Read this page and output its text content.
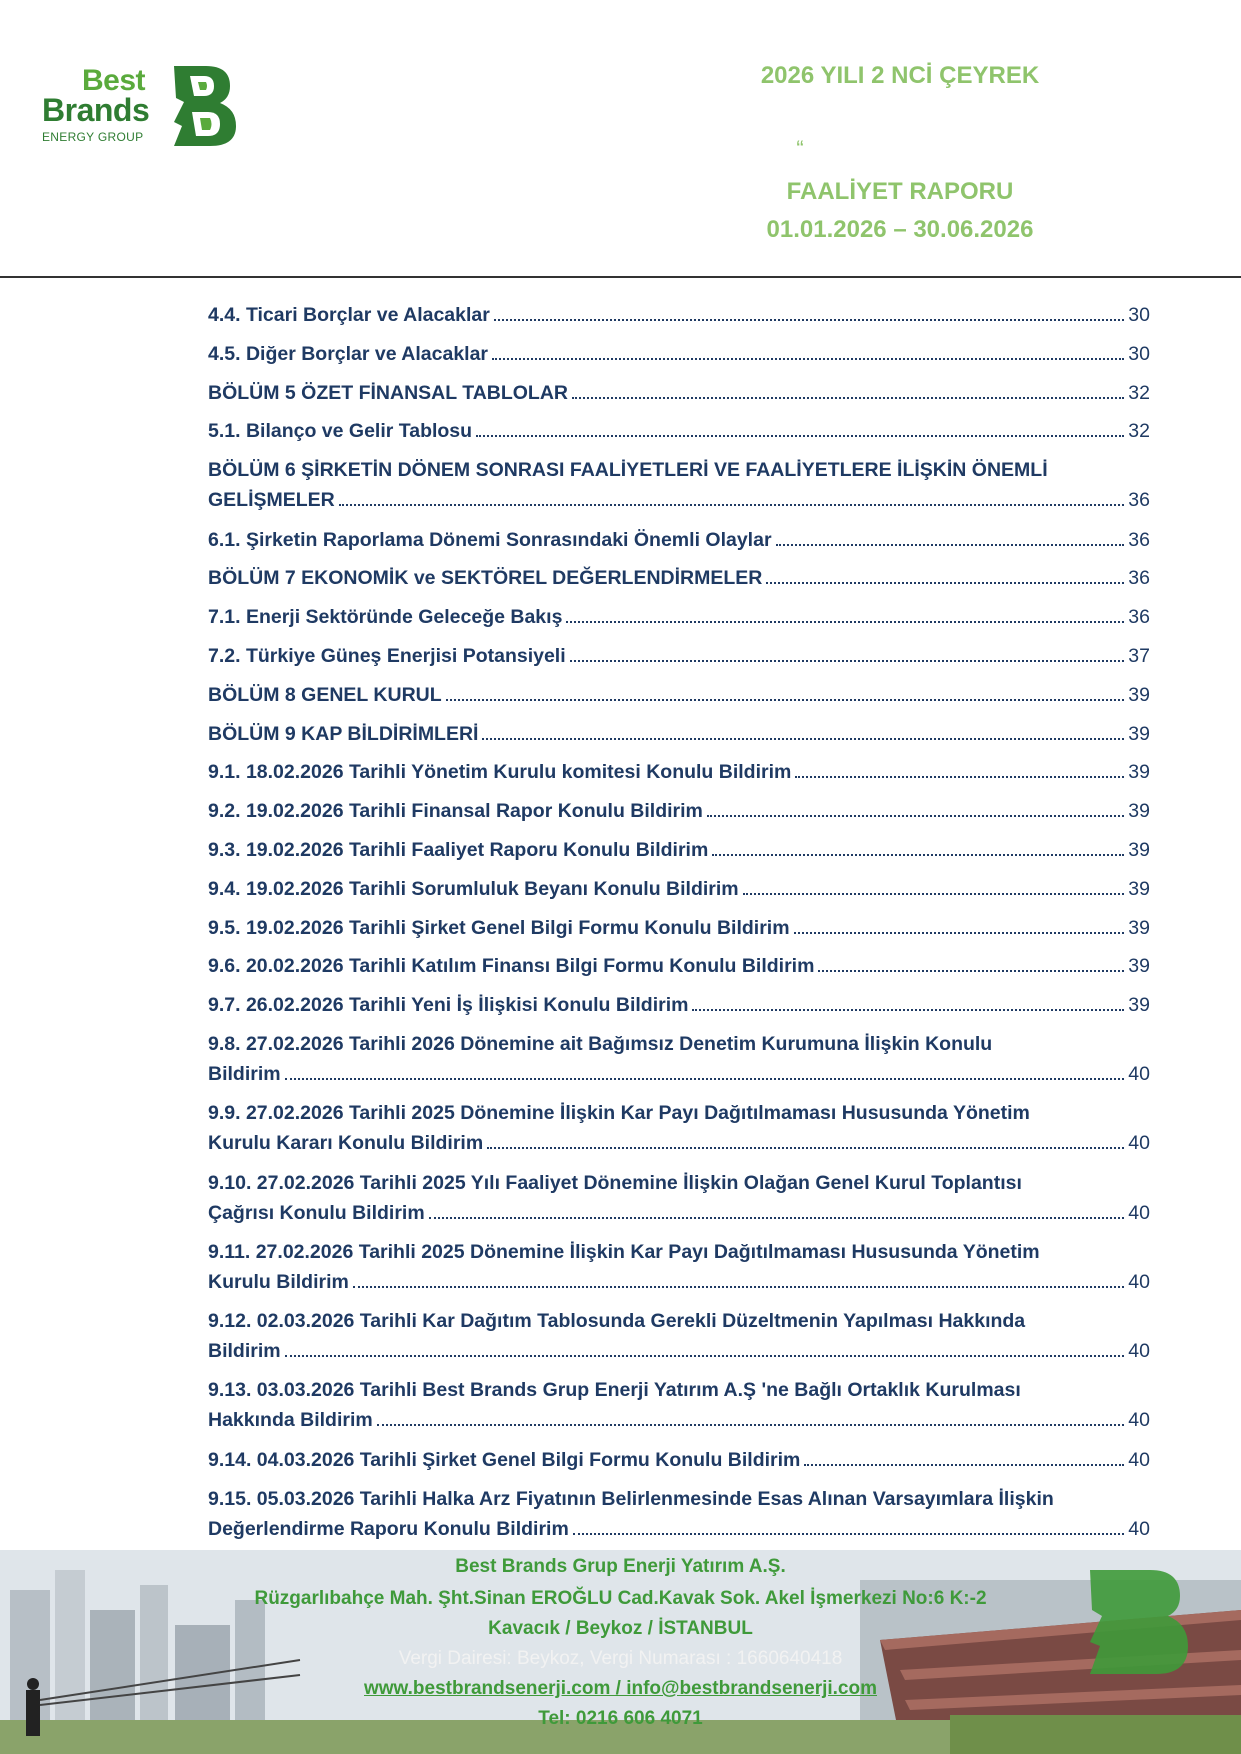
Best
Brands
ENERGY GROUP
2026 YILI 2 NCİ ÇEYREK
“
FAALİYET RAPORU
01.01.2026 – 30.06.2026
4.4. Ticari Borçlar ve Alacaklar	30
4.5. Diğer Borçlar ve Alacaklar	30
BÖLÜM 5 ÖZET FİNANSAL TABLOLAR	32
5.1. Bilanço ve Gelir Tablosu	32
BÖLÜM 6 ŞİRKETİN DÖNEM SONRASI FAALİYETLERİ VE FAALİYETLERE İLİŞKİN ÖNEMLİ
GELİŞMELER	36
6.1. Şirketin Raporlama Dönemi Sonrasındaki Önemli Olaylar	36
BÖLÜM 7 EKONOMİK ve SEKTÖREL DEĞERLENDİRMELER	36
7.1. Enerji Sektöründe Geleceğe Bakış	36
7.2. Türkiye Güneş Enerjisi Potansiyeli	37
BÖLÜM 8 GENEL KURUL	39
BÖLÜM 9 KAP BİLDİRİMLERİ	39
9.1. 18.02.2026 Tarihli Yönetim Kurulu komitesi Konulu Bildirim	39
9.2. 19.02.2026 Tarihli Finansal Rapor Konulu Bildirim	39
9.3. 19.02.2026 Tarihli Faaliyet Raporu Konulu Bildirim	39
9.4. 19.02.2026 Tarihli Sorumluluk Beyanı Konulu Bildirim	39
9.5. 19.02.2026 Tarihli Şirket Genel Bilgi Formu Konulu Bildirim	39
9.6. 20.02.2026 Tarihli Katılım Finansı Bilgi Formu Konulu Bildirim	39
9.7. 26.02.2026 Tarihli Yeni İş İlişkisi Konulu Bildirim	39
9.8. 27.02.2026 Tarihli 2026 Dönemine ait Bağımsız Denetim Kurumuna İlişkin Konulu
Bildirim	40
9.9. 27.02.2026 Tarihli 2025 Dönemine İlişkin Kar Payı Dağıtılmaması Hususunda Yönetim
Kurulu Kararı Konulu Bildirim	40
9.10. 27.02.2026 Tarihli 2025 Yılı Faaliyet Dönemine İlişkin Olağan Genel Kurul Toplantısı
Çağrısı Konulu Bildirim	40
9.11. 27.02.2026 Tarihli 2025 Dönemine İlişkin Kar Payı Dağıtılmaması Hususunda Yönetim
Kurulu Bildirim	40
9.12. 02.03.2026 Tarihli Kar Dağıtım Tablosunda Gerekli Düzeltmenin Yapılması Hakkında
Bildirim	40
9.13. 03.03.2026 Tarihli Best Brands Grup Enerji Yatırım A.Ş 'ne Bağlı Ortaklık Kurulması
Hakkında Bildirim	40
9.14. 04.03.2026 Tarihli Şirket Genel Bilgi Formu Konulu Bildirim	40
9.15. 05.03.2026 Tarihli Halka Arz Fiyatının Belirlenmesinde Esas Alınan Varsayımlara İlişkin
Değerlendirme Raporu Konulu Bildirim	40
Best Brands Grup Enerji Yatırım A.Ş.
Rüzgarlıbahçe Mah. Şht.Sinan EROĞLU Cad.Kavak Sok. Akel İşmerkezi No:6 K:-2
Kavacık / Beykoz / İSTANBUL
Vergi Dairesi: Beykoz, Vergi Numarası : 1660640418
www.bestbrandsenerji.com / info@bestbrandsenerji.com
Tel: 0216 606 4071
